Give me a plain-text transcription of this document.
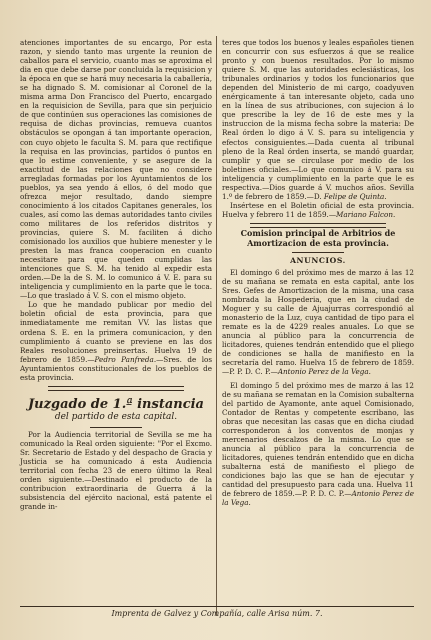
atenciones importantes de su encargo, Por esta razon, y siendo tanto mas urgente la reunion de caballos para el servicio, cuanto mas se aproxima el dia en que debe darse por concluida la requisicion y la época en que se hará muy necesaria la caballería, se ha dignado S. M. comisionar al Coronel de la misma arma Don Francisco del Puerto, encargado en la requisicion de Sevilla, para que sin perjuicio de que continúen sus operaciones las comisiones de requisa de dichas provincias, remueva cuantos obstáculos se opongan á tan importante operacion, con cuyo objeto le faculta S. M. para que rectifique la requisa en las provincias, partidos ó puntos en que lo estime conveniente, y se asegure de la exactitud de las relaciones que no considere arregladas formadas por los Ayuntamientos de los pueblos, ya sea yendo á ellos, ó del modo que ofrezca mejor resultado, dando siempre conocimiento á los citados Capitanes generales, los cuales, así como las demas autoridades tanto civiles como militares de los referidos distritos y provincias, quiere S. M. faciliten á dicho comisionado los auxilios que hubiere menester y le presten la mas franca cooperacion en cuanto necesitare para que queden cumplidas las intenciones que S. M. ha tenido al expedir esta orden.—De la de S. M. lo comunico á V. E. para su inteligencia y cumplimiento en la parte que le toca.—Lo que traslado á V. S. con el mismo objeto.

Lo que he mandado publicar por medio del boletin oficial de esta provincia, para que inmediatamente me remitan VV. las listas que ordena S. E. en la primera comunicacion, y den cumplimiento á cuanto se previene en las dos Reales resoluciones preinsertas. Huelva 19 de febrero de 1859.—Pedro Panfreda.—Sres. de los Ayuntamientos constitucionales de los pueblos de esta provincia.

Juzgado de 1.ª instancia
del partido de esta capital.

Por la Audiencia territorial de Sevilla se me ha comunicado la Real orden siguiente: "Por el Excmo. Sr. Secretario de Estado y del despacho de Gracia y Justicia se ha comunicado á esta Audiencia territorial con fecha 23 de enero último la Real orden siguiente.—Destinado el producto de la contribucion extraordinaria de Guerra á la subsistencia del ejército nacional, está patente el grande in-

teres que todos los buenos y leales españoles tienen en concurrir con sus esfuerzos á que se realice pronto y con buenos resultados. Por lo mismo quiere S. M. que las autoridades eclesiásticas, los tribunales ordinarios y todos los funcionarios que dependen del Ministerio de mi cargo, coadyuven enérgicamente á tan interesante objeto, cada uno en la línea de sus atribuciones, con sujecion á lo que prescribe la ley de 16 de este mes y la instruccion de la misma fecha sobre la materia: De Real órden lo digo á V. S. para su inteligencia y efectos consiguientes.—Dada cuenta al tribunal pleno de la Real órden inserta, se mandó guardar, cumplir y que se circulase por medio de los boletines oficiales.—Lo que comunico á V. para su inteligencia y cumplimiento en la parte que le es respectiva.—Dios guarde á V. muchos años. Sevilla 1.º de febrero de 1859.—D. Felipe de Quinta.

Insértese en el Boletin oficial de esta provincia. Huelva y febrero 11 de 1859.—Mariano Falcon.

Comision principal de Arbitrios de Amortizacion de esta provincia.
ANUNCIOS.

El domingo 6 del próximo mes de marzo á las 12 de su mañana se remata en esta capital, ante los Sres. Gefes de Amortizacion de la misma, una casa nombrada la Hospederia, que en la ciudad de Moguer y su calle de Ajuajurras correspondió al monasterio de la Luz, cuya cantidad de tipo para el remate es la de 4229 reales anuales. Lo que se anuncia al público para la concurrencia de licitadores, quienes tendrán entendido que el pliego de condiciones se halla de manifiesto en la secretaría del ramo. Huelva 15 de febrero de 1859.—P. P. D. C. P.—Antonio Perez de la Vega.

El domingo 5 del próximo mes de marzo á las 12 de su mañana se rematan en la Comision subalterna del partido de Ayamonte, ante aquel Comisionado, Contador de Rentas y competente escribano, las obras que necesitan las casas que en dicha ciudad corresponderon á los conventos de monjas y mercenarios descalzos de la misma. Lo que se anuncia al público para la concurrencia de licitadores, quienes tendrán entendido que en dicha subalterna está de manifiesto el pliego de condiciones bajo las que se han de ejecutar y cantidad del presupuesto para cada una. Huelva 11 de febrero de 1859.—P. P. D. C. P.—Antonio Perez de la Vega.

Imprenta de Galvez y Compañía, calle Arisa núm. 7.
